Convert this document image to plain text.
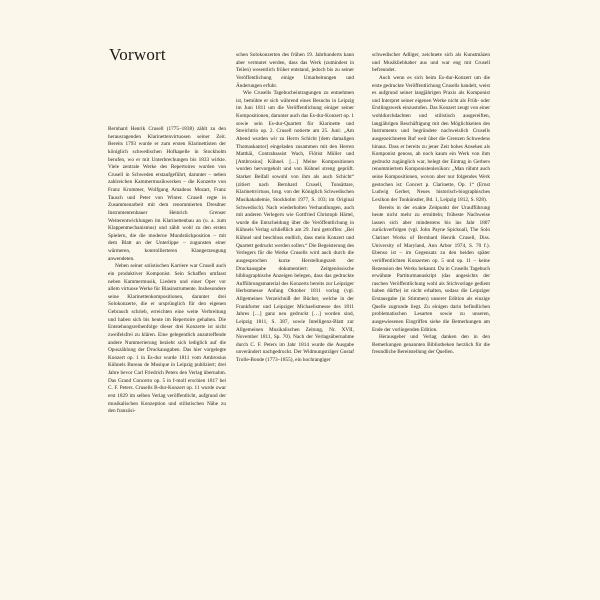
Vorwort

Bernhard Henrik Crusell (1775–1838) zählt zu den herausragenden Klarinettenvirtuosen seiner Zeit. Bereits 1793 wurde er zum ersten Klarinettisten der königlich schwedischen Hofkapelle in Stockholm berufen, wo er mit Unterbrechungen bis 1833 wirkte. Viele zentrale Werke des Repertoires wurden von Crusell in Schweden erstaufgeführt, darunter – neben zahlreichen Kammermusikwerken – die Konzerte von Franz Krommer, Wolfgang Amadeus Mozart, Franz Tausch und Peter von Winter. Crusell regte in Zusammenarbeit mit dem renommierten Dresdner Instrumentenbauer Heinrich Grenser Weiterentwicklungen im Klarinettenbau an (u. a. zum Klappenmechanismus) und zählt wohl zu den ersten Spielern, die die moderne Mundstückposition – mit dem Blatt an der Unterlippe – zugunsten einer wärmeren, kontrollierteren Klangerzeugung anwendeten.

Neben seiner solistischen Karriere war Crusell auch ein produktiver Komponist. Sein Schaffen umfasst neben Kammermusik, Liedern und einer Oper vor allem virtuose Werke für Blasinstrumente. Insbesondere seine Klarinettenkompositionen, darunter drei Solokonzerte, die er ursprünglich für den eigenen Gebrauch schrieb, erreichten eine weite Verbreitung und haben sich bis heute im Repertoire gehalten. Die Entstehungsreihenfolge dieser drei Konzerte ist nicht zweifelsfrei zu klären. Eine gelegentlich anzutreffende andere Nummerierung bezieht sich lediglich auf die Opuszählung der Druckausgaben. Das hier vorgelegte Konzert op. 1 in Es-dur wurde 1811 vom Ambrosius Kühnels Bureau de Musique in Leipzig publiziert; drei Jahre bevor Carl Friedrich Peters den Verlag übernahm. Das Grand Concerto op. 5 in f-moll erschien 1817 bei C. F. Peters. Crusells B-dur-Konzert op. 11 wurde zwar erst 1829 im selben Verlag veröffentlicht, aufgrund der musikalischen Konzeption und stilistischen Nähe zu den französi-

schen Solokonzerten des frühen 19. Jahrhunderts kann aber vermutet werden, dass das Werk (zumindest in Teilen) wesentlich früher entstand, jedoch bis zu seiner Veröffentlichung einige Umarbeitungen und Änderungen erfuhr.

Wie Crusells Tagebucheintragungen zu entnehmen ist, bemühte er sich während eines Besuchs in Leipzig im Juni 1811 um die Veröffentlichung einiger seiner Kompositionen, darunter auch das Es-dur-Konzert op. 1 sowie sein Es-dur-Quartett für Klarinette und Streichtrio op. 2. Crusell notierte am 25. Juni: „Am Abend wurden wir zu Herrn Schicht [dem damaligen Thomaskantor] eingeladen zusammen mit den Herren Matthäi, Contrabassist Wach, Flötist Müller und [Ambrosius] Kühnel. […] Meine Kompositionen wurden hervorgeholt und von Kühnel streng geprüft. Starker Beifall sowohl von ihm als auch Schicht“ (zitiert nach Bernhard Crusell, Tonsättare, Klarinettvirtuos, hrsg. von der Königlich Schwedischen Musikakademie, Stockholm 1977, S. 103; im Original Schwedisch). Nach wiederholten Verhandlungen, auch mit anderen Verlegern wie Gottfried Christoph Härtel, wurde die Entscheidung über die Veröffentlichung in Kühnels Verlag schließlich am 29. Juni getroffen: „Bei Kühnel und beschloss endlich, dass mein Konzert und Quartett gedruckt werden sollen.“ Die Begeisterung des Verlegers für die Werke Crusells wird auch durch die ausgesprochen kurze Herstellungszeit der Druckausgabe dokumentiert: Zeitgenössische bibliographische Anzeigen belegen, dass das gedruckte Aufführungsmaterial des Konzerts bereits zur Leipziger Herbstmesse Anfang Oktober 1811 vorlag (vgl. Allgemeines Verzeichniß der Bücher, welche in der Frankfurter und Leipziger Michaelismesse des 1811 Jahres […] ganz neu gedruckt […] worden sind, Leipzig 1811, S. 387, sowie Intelligenz-Blatt zur Allgemeinen Musikalischen Zeitung, Nr. XVII, November 1811, Sp. 70). Nach der Verlagsübernahme durch C. F. Peters im Jahr 1814 wurde die Ausgabe unverändert nachgedruckt. Der Widmungsträger Gustaf Trolle-Bonde (1773–1855), ein hochrangiger

schwedischer Adliger, zeichnete sich als Kunstmäzen und Musikliebhaber aus und war eng mit Crusell befreundet.

Auch wenn es sich beim Es-dur-Konzert um die erste gedruckte Veröffentlichung Crusells handelt, weist es aufgrund seiner langjährigen Praxis als Komponist und Interpret seiner eigenen Werke nicht als Früh- oder Erstlingswerk einzustufen. Das Konzert zeugt von einer wohldurchdachten und stilistisch ausgereiften, langjährigen Beschäftigung mit den Möglichkeiten des Instruments und begründete nachweislich Crusells ausgezeichneten Ruf weit über die Grenzen Schwedens hinaus. Dass er bereits zu jener Zeit hohes Ansehen als Komponist genoss, ab noch kaum ein Werk von ihm gedruckt zugänglich war, belegt der Eintrag in Gerbers renommiertem Komponistenlexikon: „Man rühmt auch seine Kompositionen, wovon aber nur folgendes Werk gestochen ist: Concert p. Clarinette, Op. 1“ (Ernst Ludwig Gerber, Neues historisch-biographisches Lexikon der Tonkünstler, Bd. 1, Leipzig 1812, S. 828).

Bereits in der exakte Zeitpunkt der Uraufführung heute nicht mehr zu ermitteln; früheste Nachweise lassen sich aber mindestens bis ins Jahr 1807 zurückverfolgen (vgl. John Payne Spicknall, The Solo Clarinet Works of Bernhard Henrik Crusell, Diss. University of Maryland, Ann Arbor 1974, S. 70 f.). Ebenso ist – im Gegensatz zu den beiden später veröffentlichten Konzerten op. 5 und op. 11 – keine Rezension des Werks bekannt. Da in Crusells Tagebuch erwähnte Partiturmanuskript (das angesichts der raschen Veröffentlichung wohl als Stichvorlage gedient haben dürfte) ist nicht erhalten, sodass die Leipziger Erstausgabe (in Stimmen) unserer Edition als einzige Quelle zugrunde liegt. Zu einigen darin befindlichen problematischen Lesarten sowie zu unseren, ausgewiesenen Eingriffen siehe die Bemerkungen am Ende der vorliegenden Edition.

Herausgeber und Verlag danken den in den Bemerkungen genannten Bibliotheken herzlich für die freundliche Bereitstellung der Quellen.
